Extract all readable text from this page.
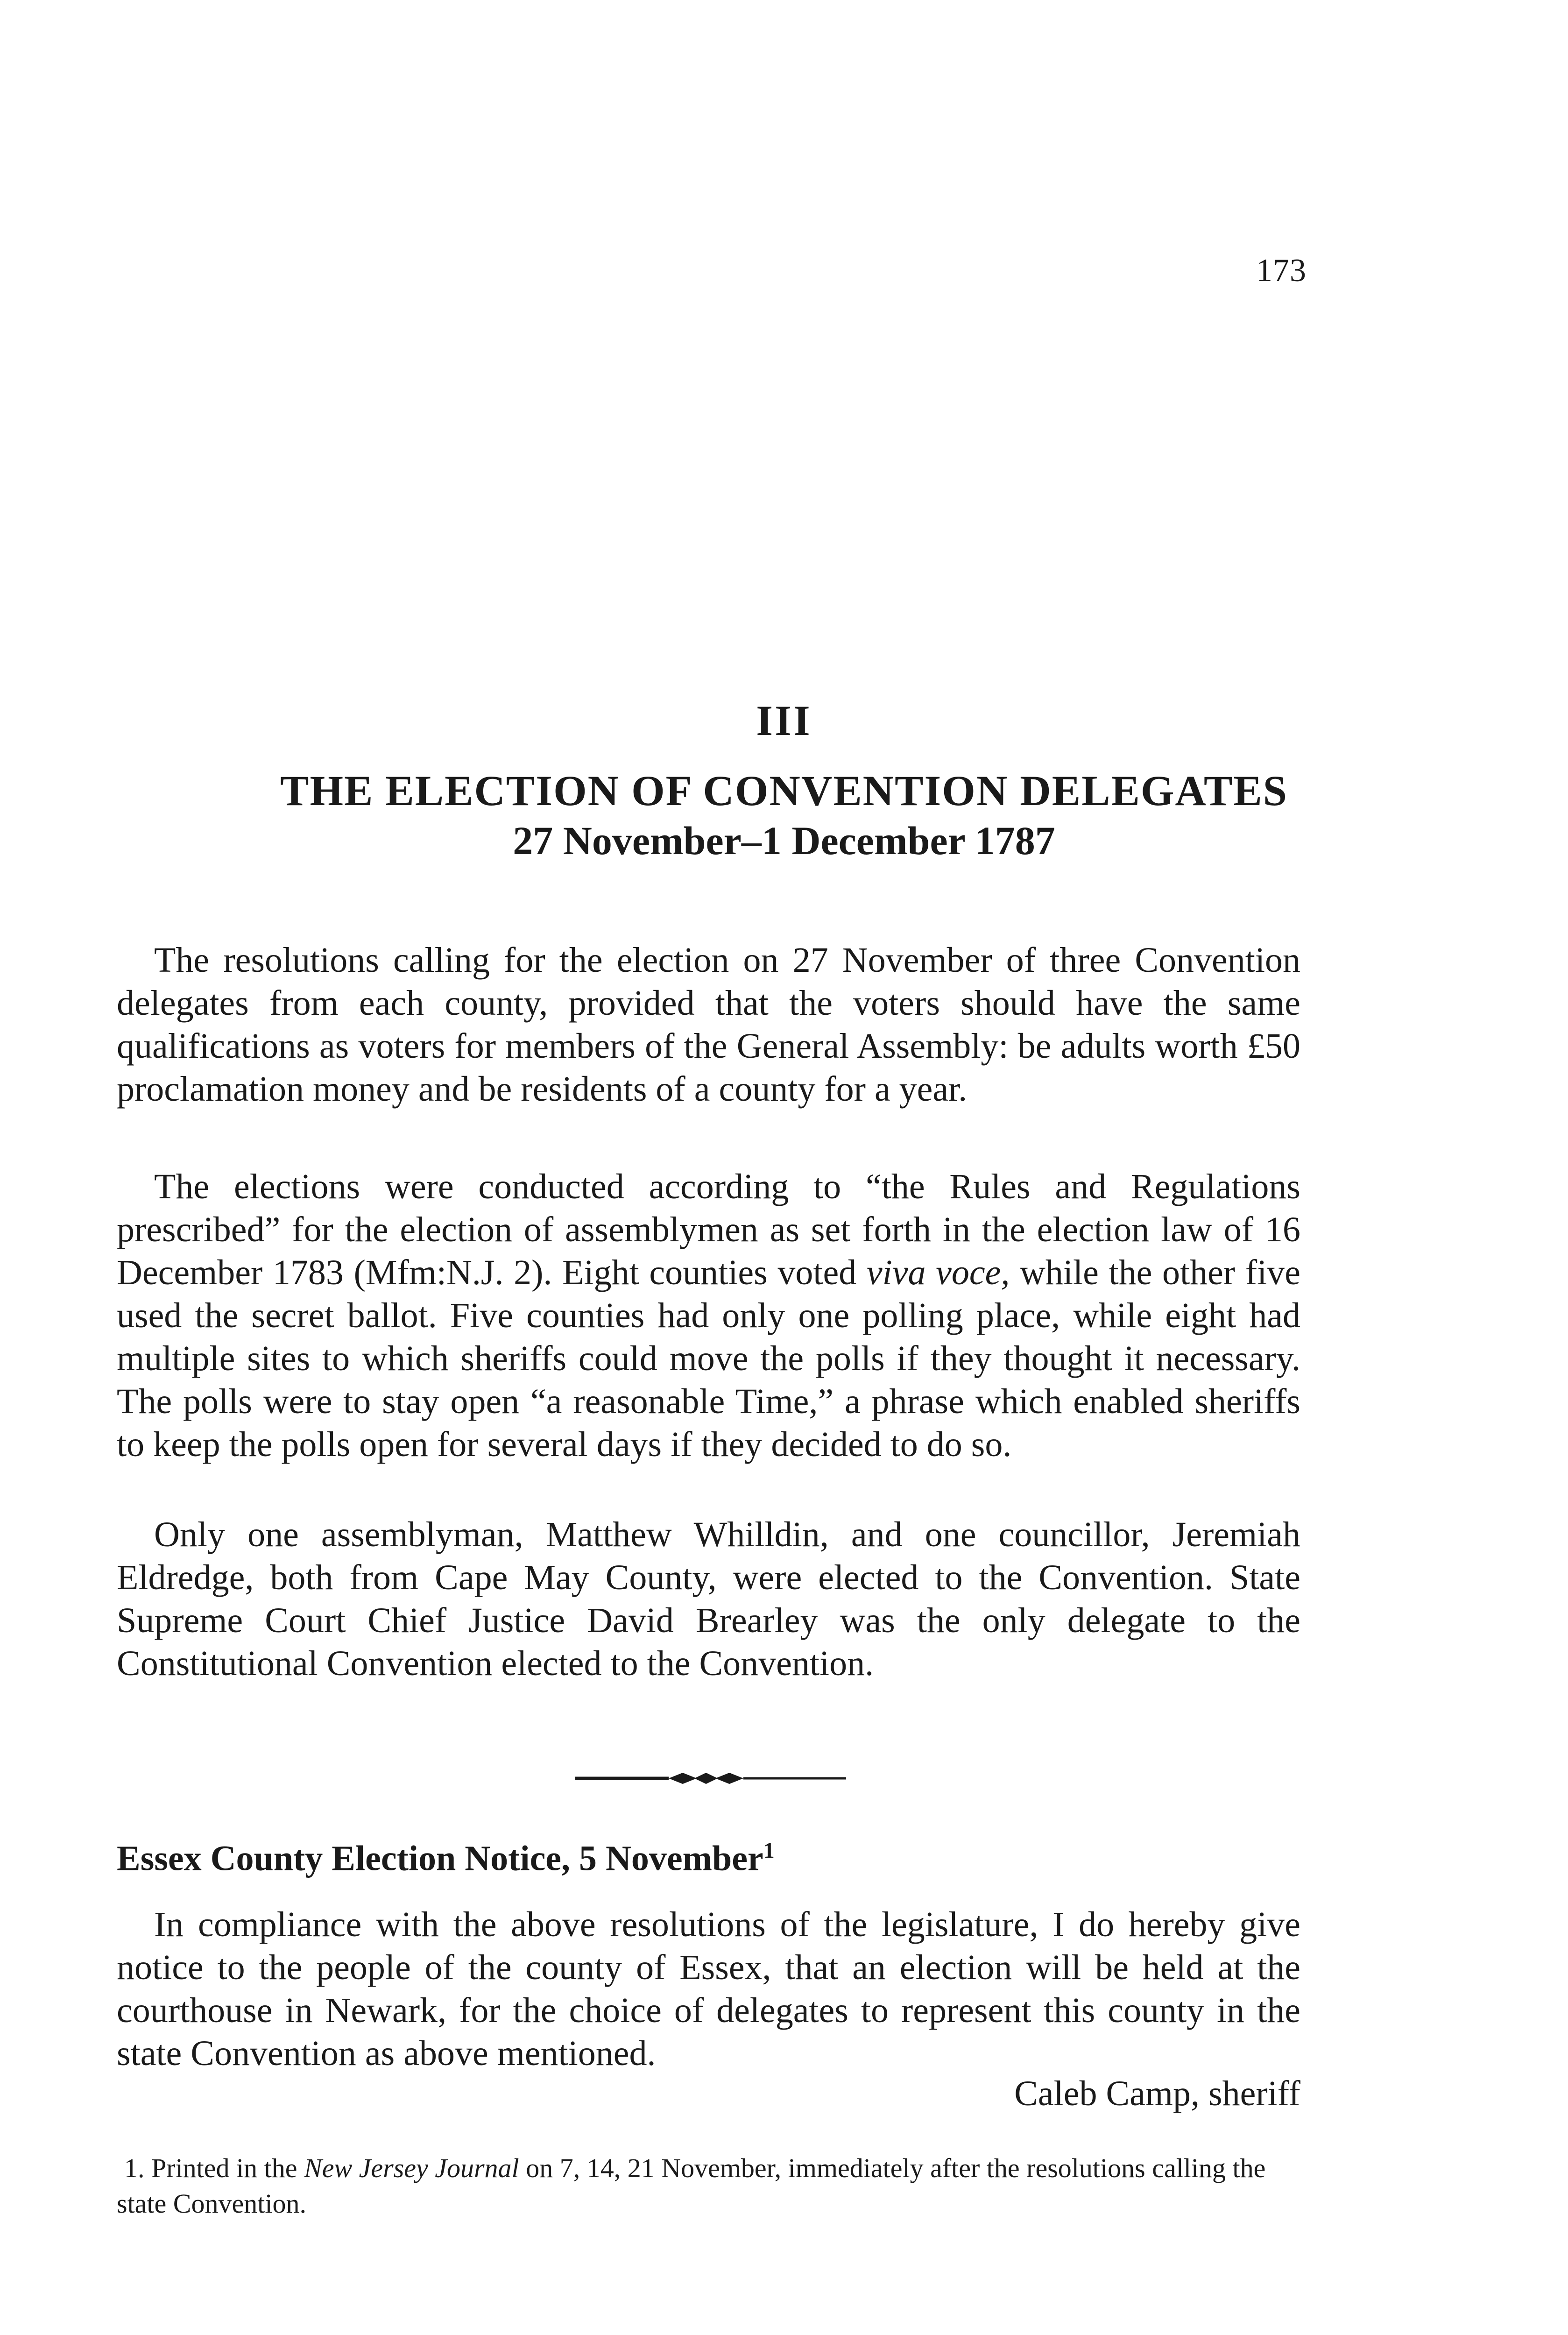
173
III
THE ELECTION OF CONVENTION DELEGATES
27 November–1 December 1787

The resolutions calling for the election on 27 November of three Convention delegates from each county, provided that the voters should have the same qualifications as voters for members of the General Assembly: be adults worth £50 proclamation money and be residents of a county for a year.

The elections were conducted according to “the Rules and Regulations prescribed” for the election of assemblymen as set forth in the election law of 16 December 1783 (Mfm:N.J. 2). Eight counties voted viva voce, while the other five used the secret ballot. Five counties had only one polling place, while eight had multiple sites to which sheriffs could move the polls if they thought it necessary. The polls were to stay open “a reasonable Time,” a phrase which enabled sheriffs to keep the polls open for several days if they decided to do so.

Only one assemblyman, Matthew Whilldin, and one councillor, Jeremiah Eldredge, both from Cape May County, were elected to the Convention. State Supreme Court Chief Justice David Brearley was the only delegate to the Constitutional Convention elected to the Convention.

Essex County Election Notice, 5 November$^1$

In compliance with the above resolutions of the legislature, I do hereby give notice to the people of the county of Essex, that an election will be held at the courthouse in Newark, for the choice of delegates to represent this county in the state Convention as above mentioned.

Caleb Camp, sheriff

1. Printed in the New Jersey Journal on 7, 14, 21 November, immediately after the resolutions calling the state Convention.
